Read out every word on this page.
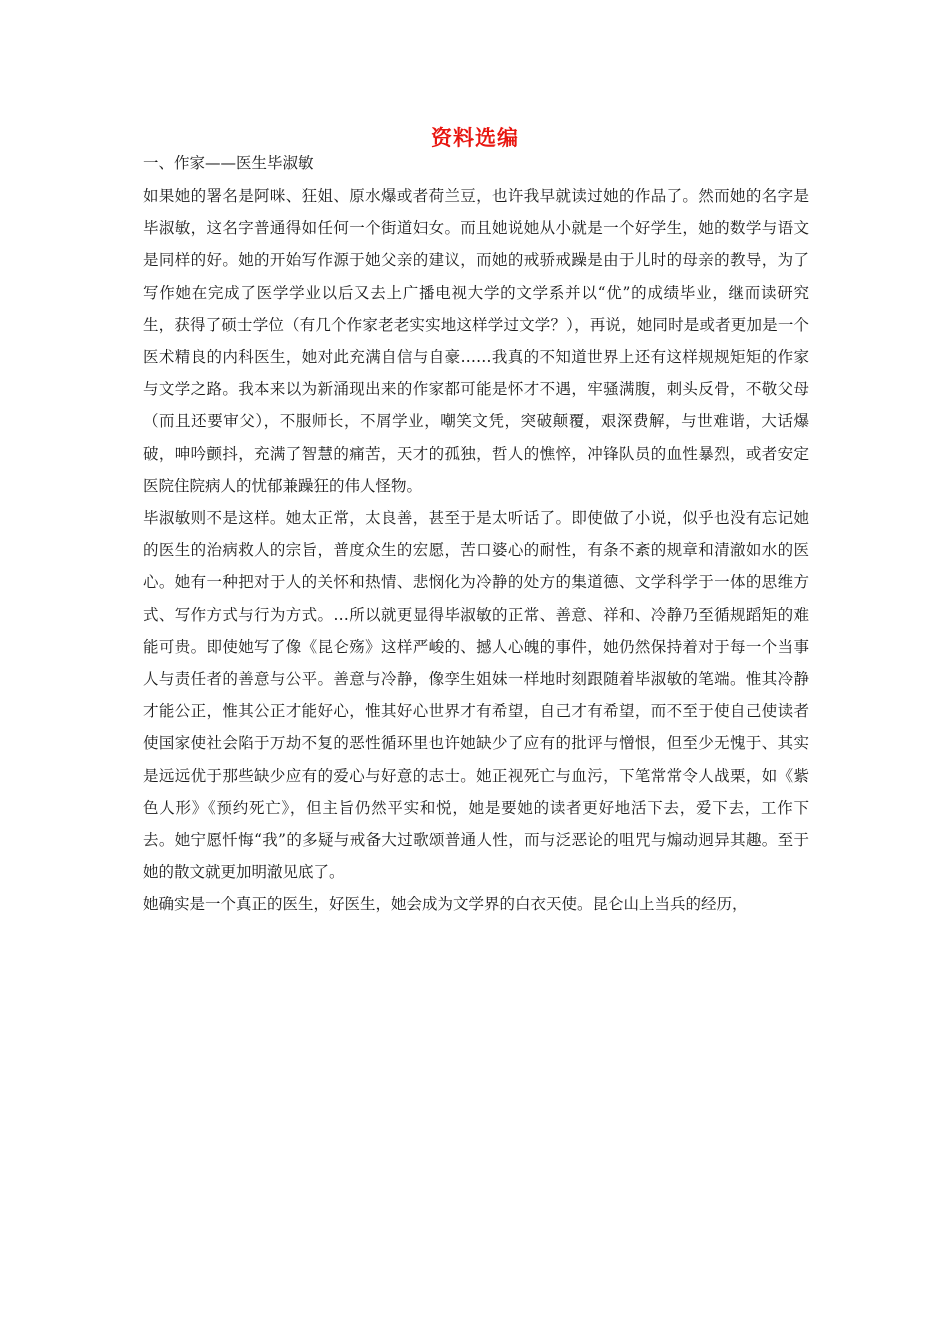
资料选编
一、作家——医生毕淑敏

如果她的署名是阿咪、狂姐、原水爆或者荷兰豆，也许我早就读过她的作品了。然而她的名字是毕淑敏，这名字普通得如任何一个街道妇女。而且她说她从小就是一个好学生，她的数学与语文是同样的好。她的开始写作源于她父亲的建议，而她的戒骄戒躁是由于儿时的母亲的教导，为了写作她在完成了医学学业以后又去上广播电视大学的文学系并以“优”的成绩毕业，继而读研究生，获得了硕士学位（有几个作家老老实实地这样学过文学？），再说，她同时是或者更加是一个医术精良的内科医生，她对此充满自信与自豪……我真的不知道世界上还有这样规规矩矩的作家与文学之路。我本来以为新涌现出来的作家都可能是怀才不遇，牢骚满腹，刺头反骨，不敬父母（而且还要审父），不服师长，不屑学业，嘲笑文凭，突破颠覆，艰深费解，与世难谐，大话爆破，呻吟颤抖，充满了智慧的痛苦，天才的孤独，哲人的憔悴，冲锋队员的血性暴烈，或者安定医院住院病人的忧郁兼躁狂的伟人怪物。

毕淑敏则不是这样。她太正常，太良善，甚至于是太听话了。即使做了小说，似乎也没有忘记她的医生的治病救人的宗旨，普度众生的宏愿，苦口婆心的耐性，有条不紊的规章和清澈如水的医心。她有一种把对于人的关怀和热情、悲悯化为冷静的处方的集道德、文学科学于一体的思维方式、写作方式与行为方式。…所以就更显得毕淑敏的正常、善意、祥和、冷静乃至循规蹈矩的难能可贵。即使她写了像《昆仑殇》这样严峻的、撼人心魄的事件，她仍然保持着对于每一个当事人与责任者的善意与公平。善意与冷静，像孪生姐妹一样地时刻跟随着毕淑敏的笔端。惟其冷静才能公正，惟其公正才能好心，惟其好心世界才有希望，自己才有希望，而不至于使自己使读者使国家使社会陷于万劫不复的恶性循环里也许她缺少了应有的批评与憎恨，但至少无愧于、其实是远远优于那些缺少应有的爱心与好意的志士。她正视死亡与血污，下笔常常令人战栗，如《紫色人形》《预约死亡》，但主旨仍然平实和悦，她是要她的读者更好地活下去，爱下去，工作下去。她宁愿忏悔“我”的多疑与戒备大过歌颂普通人性，而与泛恶论的咀咒与煽动迥异其趣。至于她的散文就更加明澈见底了。

她确实是一个真正的医生，好医生，她会成为文学界的白衣天使。昆仑山上当兵的经历，
